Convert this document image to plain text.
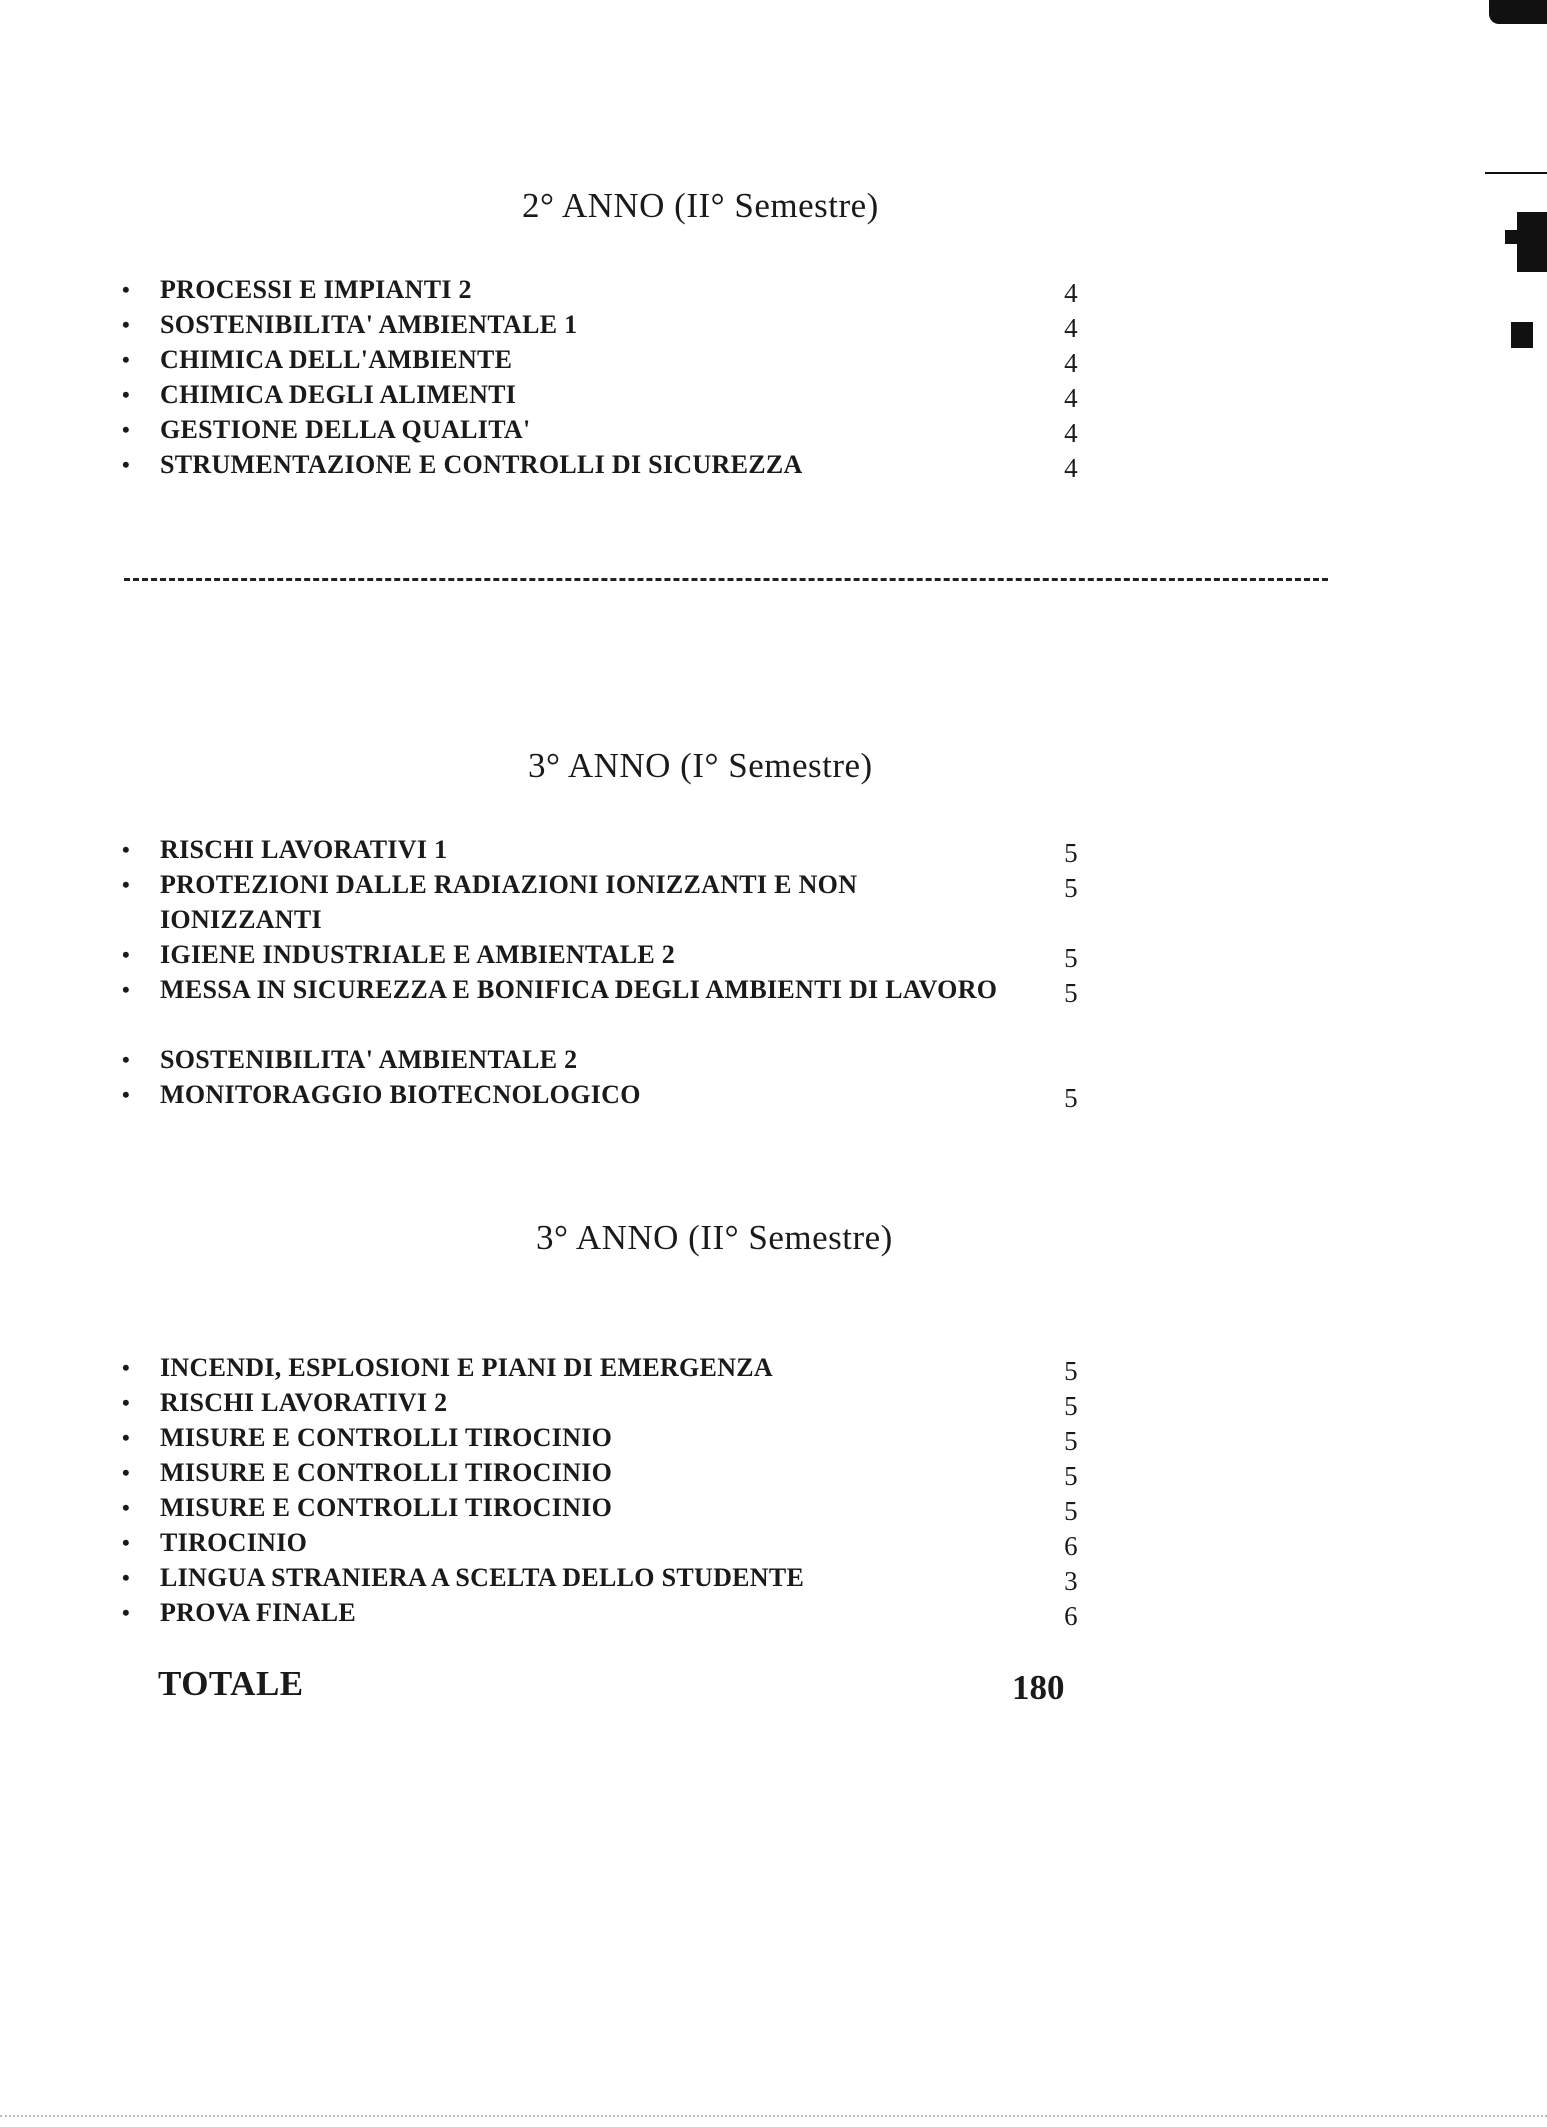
2° ANNO (II° Semestre)
• PROCESSI E IMPIANTI 2	4
• SOSTENIBILITA' AMBIENTALE 1	4
• CHIMICA DELL'AMBIENTE	4
• CHIMICA DEGLI ALIMENTI	4
• GESTIONE DELLA QUALITA'	4
• STRUMENTAZIONE E CONTROLLI DI SICUREZZA	4
3° ANNO (I° Semestre)
• RISCHI LAVORATIVI 1	5
• PROTEZIONI DALLE RADIAZIONI IONIZZANTI E NON IONIZZANTI
5
• IGIENE INDUSTRIALE E AMBIENTALE 2	5
• MESSA IN SICUREZZA E BONIFICA DEGLI AMBIENTI DI LAVORO 5
• SOSTENIBILITA' AMBIENTALE 2
• MONITORAGGIO BIOTECNOLOGICO	5
3° ANNO (II° Semestre)
• INCENDI, ESPLOSIONI E PIANI DI EMERGENZA	5
• RISCHI LAVORATIVI 2	5
• MISURE E CONTROLLI TIROCINIO	5
• MISURE E CONTROLLI TIROCINIO	5
• MISURE E CONTROLLI TIROCINIO	5
• TIROCINIO	6
• LINGUA STRANIERA A SCELTA DELLO STUDENTE	3
• PROVA FINALE	6
TOTALE	180
